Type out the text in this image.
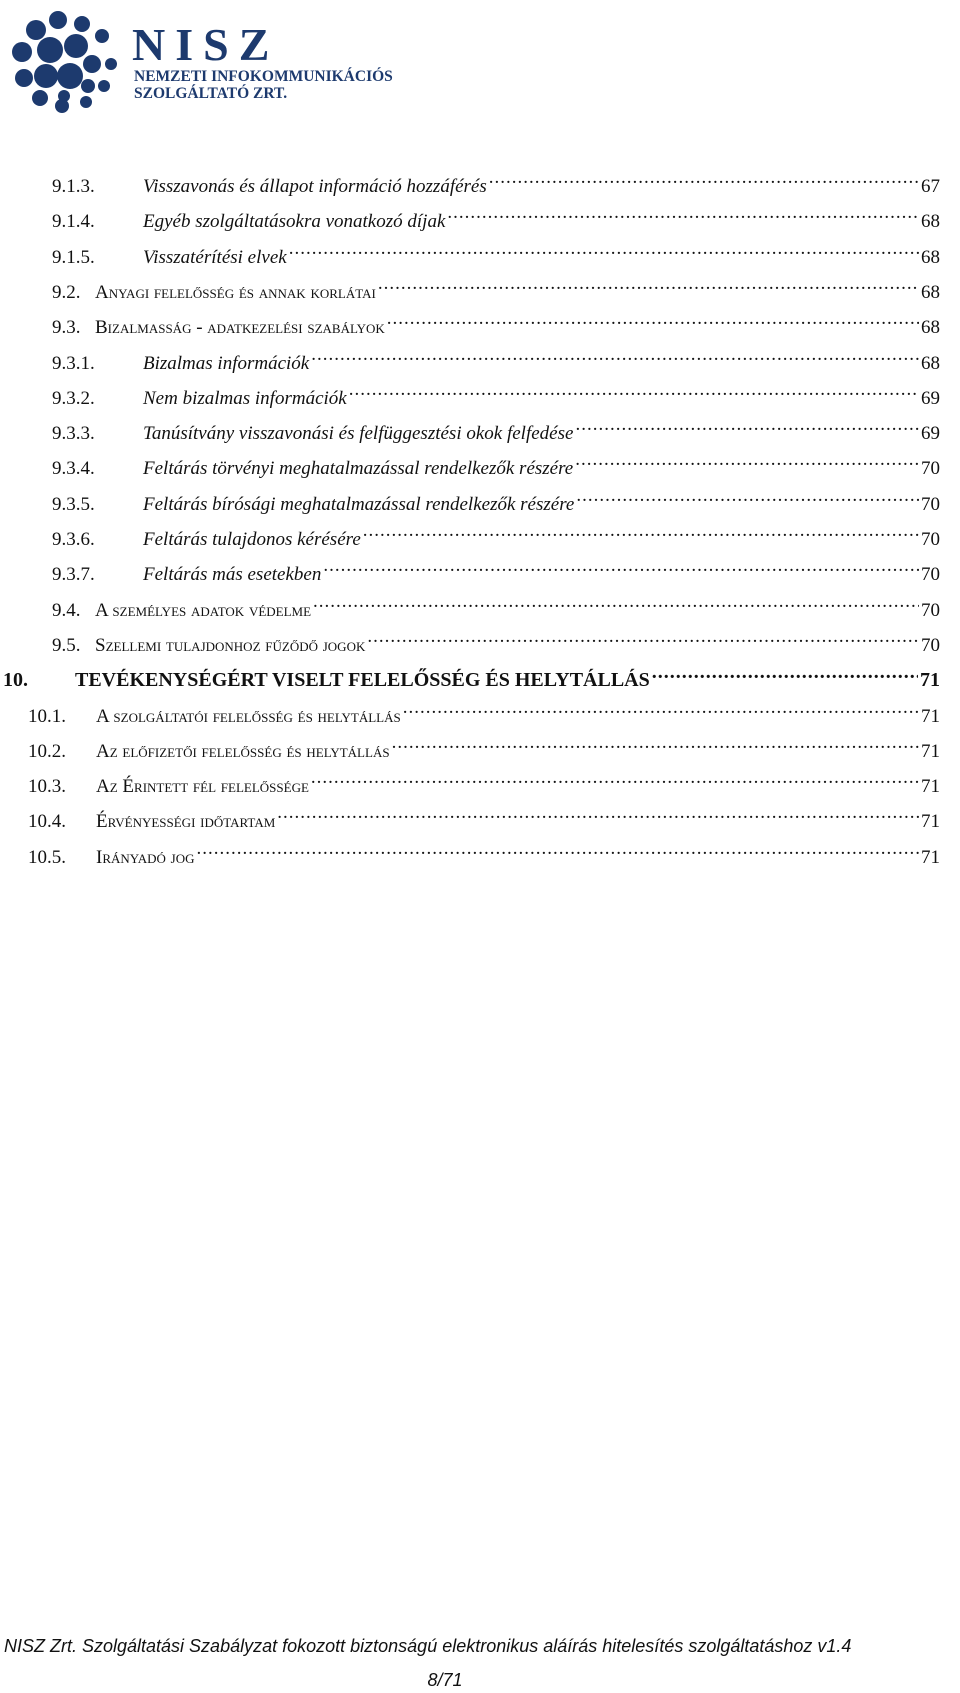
NISZ
NEMZETI INFOKOMMUNIKÁCIÓS
SZOLGÁLTATÓ ZRT.
9.1.3.	Visszavonás és állapot információ hozzáférés .....	67
9.1.4.	Egyéb szolgáltatásokra vonatkozó díjak .....	68
9.1.5.	Visszatérítési elvek .....	68
9.2. Anyagi felelősség és annak korlátai .....	68
9.3. Bizalmasság - adatkezelési szabályok .....	68
9.3.1.	Bizalmas információk .....	68
9.3.2.	Nem bizalmas információk .....	69
9.3.3.	Tanúsítvány visszavonási és felfüggesztési okok felfedése .....	69
9.3.4.	Feltárás törvényi meghatalmazással rendelkezők részére .....	70
9.3.5.	Feltárás bírósági meghatalmazással rendelkezők részére .....	70
9.3.6.	Feltárás tulajdonos kérésére .....	70
9.3.7.	Feltárás más esetekben .....	70
9.4. A személyes adatok védelme .....	70
9.5. Szellemi tulajdonhoz fűződő jogok .....	70
10.	TEVÉKENYSÉGÉRT VISELT FELELŐSSÉG ÉS HELYTÁLLÁS .....	71
10.1.	A szolgáltatói felelősség és helytállás .....	71
10.2.	Az előfizetői felelősség és helytállás .....	71
10.3.	Az Érintett fél felelőssége .....	71
10.4.	Érvényességi időtartam .....	71
10.5.	Irányadó jog .....	71
NISZ Zrt. Szolgáltatási Szabályzat fokozott biztonságú elektronikus aláírás hitelesítés szolgáltatáshoz v1.4
8/71
